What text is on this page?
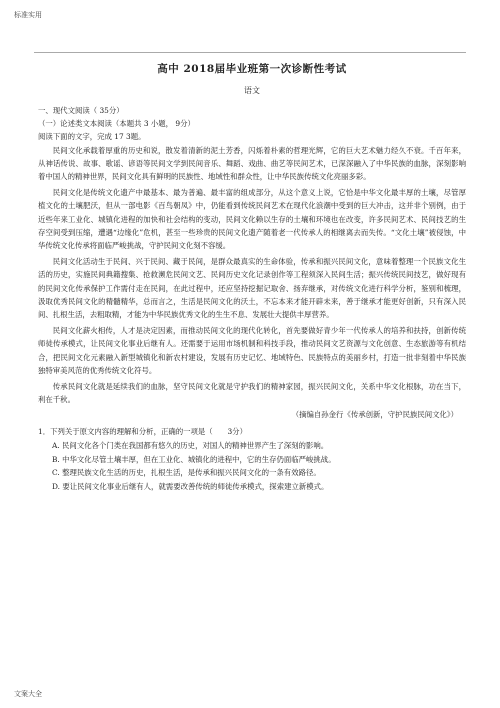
标准实用
高中 2018届毕业班第一次诊断性考试
语文
一、现代文阅读（ 35分）
（一）论述类文本阅读（本题共 3 小题， 9分）
阅读下面的文字，完成 17 3题。

民间文化承载着厚重的历史和说，散发着清新的泥土芳香，闪烁着朴素的哲理光辉，它的巨大艺术魅力经久不衰。千百年来，从神话传说、故事、歌谣、谚语等民间文学到民间音乐、舞蹈、戏曲、曲艺等民间艺术，已深深融入了中华民族的血脉，深刻影响着中国人的精神世界，民间文化具有鲜明的民族性、地域性和群众性，让中华民族传统文化亮丽多彩。

民间文化是传统文化遗产中最基本、最为普遍、最丰富的组成部分，从这个意义上说，它恰是中华文化最丰厚的土壤，尽管厚植文化的土壤肥沃，但从一部电影《百鸟朝凤》中，仍能看到传统民间艺术在现代化浪潮中受到的巨大冲击，这并非个别例，由于近些年来工业化、城镇化进程的加快和社会结构的变动，民间文化赖以生存的土壤和环境也在改变，许多民间艺术、民间技艺的生存空间受到压缩，遭遇“边缘化”危机，甚至一些珍贵的民间文化遗产随着老一代传承人的相继离去而失传。“文化土壤”被侵蚀，中华传统文化传承将面临严峻挑战，守护民间文化刻不容缓。

民间文化活动生于民间、兴于民间、藏于民间，是群众最真实的生命体验，传承和振兴民间文化，意味着整理一个民族文化生活的历史，实施民间典籍搜集、抢救濒危民间文艺、民间历史文化记录创作等工程须深入民间生活；振兴传统民间技艺，做好现有的民间文化传承保护工作需付走在民间，在此过程中，还应坚持挖掘记取舍、扬弃继承，对传统文化进行科学分析，鉴别和梳理，汲取优秀民间文化的精髓精华，总而言之，生活是民间文化的沃土，不忘本来才能开辟未来，善于继承才能更好创新，只有深入民间、扎根生活，去粗取精，才能为中华民族优秀文化的生生不息、发展壮大提供丰厚营养。

民间文化薪火相传，人才是决定因素，而推动民间文化的现代化转化，首先要做好青少年一代传承人的培养和扶持，创新传统师徒传承模式，让民间文化事业后继有人。还需要于运用市场机制和科技手段，推动民间文艺资源与文化创意、生态旅游等有机结合，把民间文化元素融入新型城镇化和新农村建设，发展有历史记忆、地域特色、民族特点的美丽乡村，打造一批非刻着中华民族独特审美风范的优秀传统文化符号。

传承民间文化就是延续我们的血脉，坚守民间文化就是守护我们的精神家园，振兴民间文化，关系中华文化根脉，功在当下，利在千秋。

（摘编自孙金行《传承创新，守护民族民间文化》）
1．下列关于原文内容的理解和分析，正确的一项是（　　3分）
A. 民间文化各个门类在我国都有悠久的历史，对国人的精神世界产生了深刻的影响。
B. 中华文化尽管土壤丰厚，但在工业化、城镇化的进程中，它的生存仍面临严峻挑战。
C. 整理民族文化生活的历史，扎根生活，是传承和振兴民间文化的一条有效路径。
D. 要让民间文化事业后继有人，就需要改善传统的师徒传承模式，探索建立新模式。
文案大全
